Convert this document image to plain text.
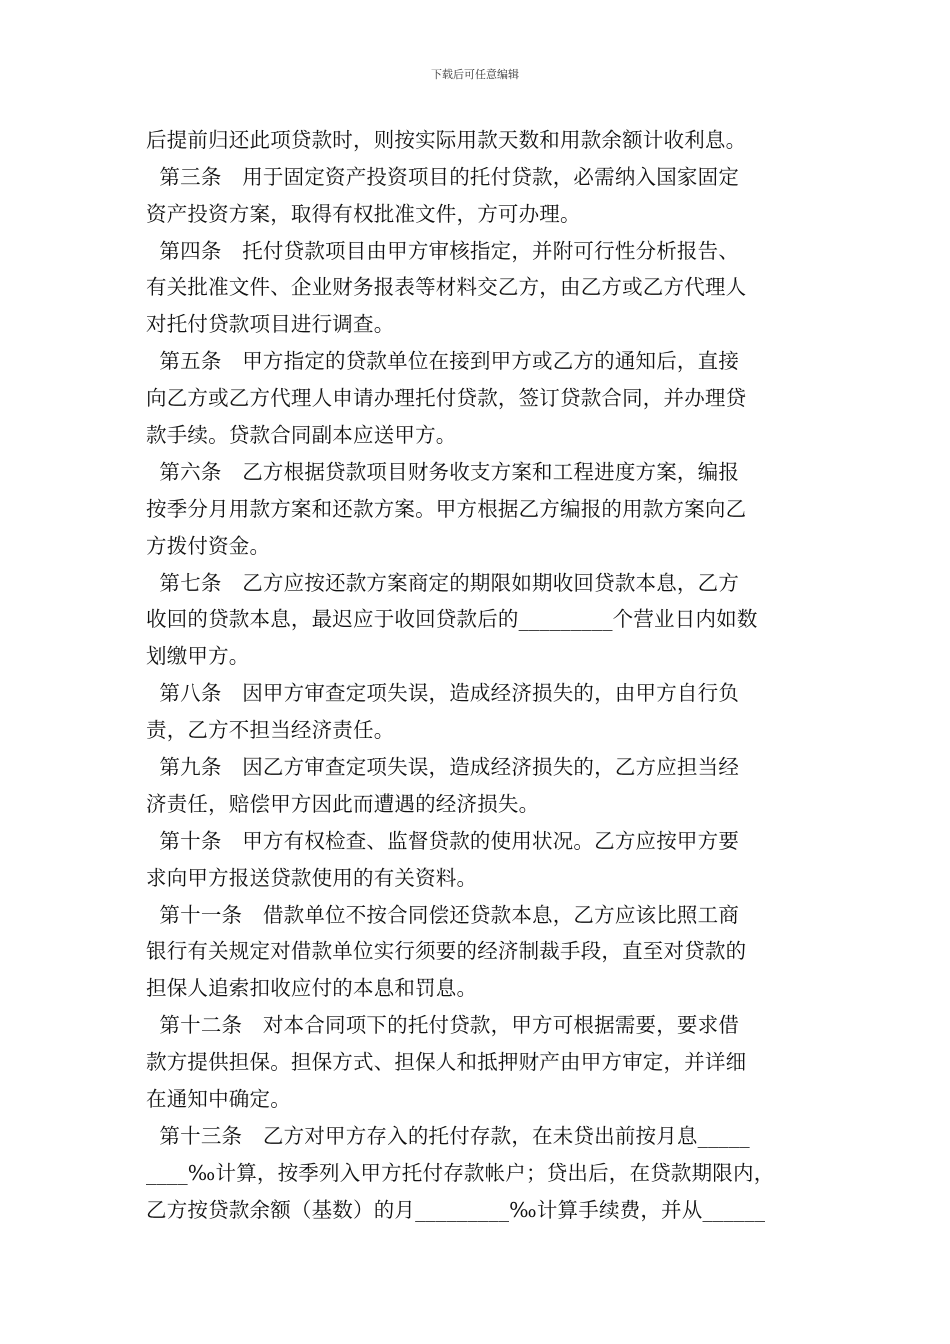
下载后可任意编辑
后提前归还此项贷款时，则按实际用款天数和用款余额计收利息。
第三条　用于固定资产投资项目的托付贷款，必需纳入国家固定
资产投资方案，取得有权批准文件，方可办理。
第四条　托付贷款项目由甲方审核指定，并附可行性分析报告、
有关批准文件、企业财务报表等材料交乙方，由乙方或乙方代理人
对托付贷款项目进行调查。
第五条　甲方指定的贷款单位在接到甲方或乙方的通知后，直接
向乙方或乙方代理人申请办理托付贷款，签订贷款合同，并办理贷
款手续。贷款合同副本应送甲方。
第六条　乙方根据贷款项目财务收支方案和工程进度方案，编报
按季分月用款方案和还款方案。甲方根据乙方编报的用款方案向乙
方拨付资金。
第七条　乙方应按还款方案商定的期限如期收回贷款本息，乙方
收回的贷款本息，最迟应于收回贷款后的_________个营业日内如数
划缴甲方。
第八条　因甲方审查定项失误，造成经济损失的，由甲方自行负
责，乙方不担当经济责任。
第九条　因乙方审查定项失误，造成经济损失的，乙方应担当经
济责任，赔偿甲方因此而遭遇的经济损失。
第十条　甲方有权检查、监督贷款的使用状况。乙方应按甲方要
求向甲方报送贷款使用的有关资料。
第十一条　借款单位不按合同偿还贷款本息，乙方应该比照工商
银行有关规定对借款单位实行须要的经济制裁手段，直至对贷款的
担保人追索扣收应付的本息和罚息。
第十二条　对本合同项下的托付贷款，甲方可根据需要，要求借
款方提供担保。担保方式、担保人和抵押财产由甲方审定，并详细
在通知中确定。
第十三条　乙方对甲方存入的托付存款，在未贷出前按月息_____
____‰计算，按季列入甲方托付存款帐户；贷出后，在贷款期限内，
乙方按贷款余额（基数）的月_________‰计算手续费，并从______
